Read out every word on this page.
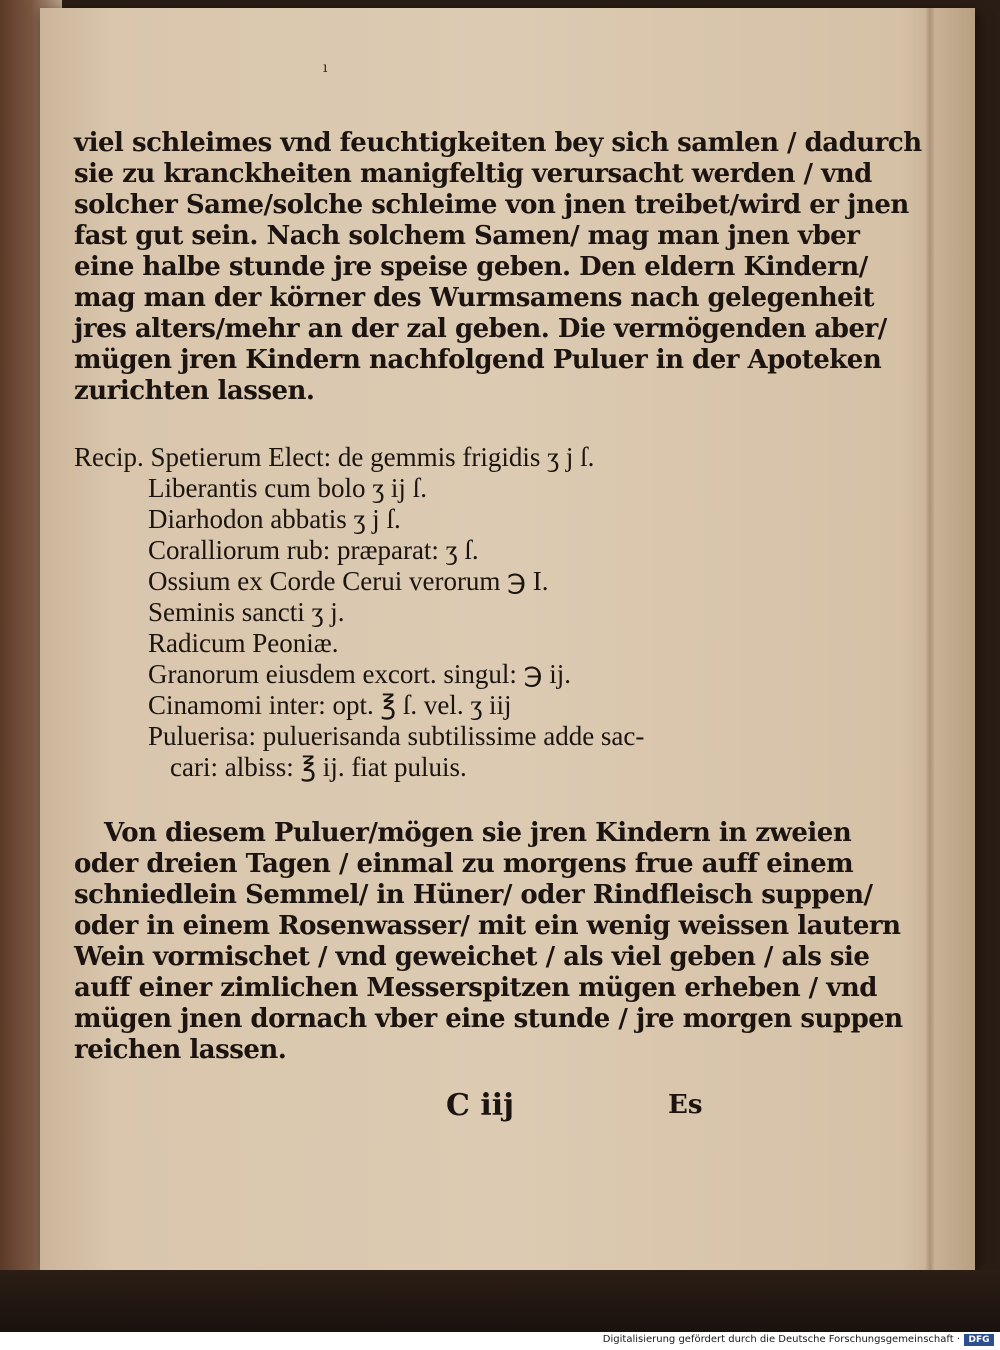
ı
viel schleimes vnd feuchtigkeiten bey sich samlen / dadurch
sie zu kranckheiten manigfeltig verursacht werden / vnd
solcher Same/solche schleime von jnen treibet/wird er jnen
fast gut sein. Nach solchem Samen/ mag man jnen vber
eine halbe stunde jre speise geben. Den eldern Kindern/
mag man der körner des Wurmsamens nach gelegenheit
jres alters/mehr an der zal geben. Die vermögenden aber/
mügen jren Kindern nachfolgend Puluer in der Apoteken
zurichten lassen.
Recip. Spetierum Elect: de gemmis frigidis ʒ j ſ.
Liberantis cum bolo ʒ ij ſ.
Diarhodon abbatis ʒ j ſ.
Coralliorum rub: præparat: ʒ ſ.
Ossium ex Corde Cerui verorum ℈ I.
Seminis sancti ʒ j.
Radicum Peoniæ.
Granorum eiusdem excort. singul: ℈ ij.
Cinamomi inter: opt. ℥ ſ. vel. ʒ iij
Puluerisa: puluerisanda subtilissime adde sac-
cari: albiss: ℥ ij. fiat puluis.
Von diesem Puluer/mögen sie jren Kindern in zweien
oder dreien Tagen / einmal zu morgens frue auff einem
schniedlein Semmel/ in Hüner/ oder Rindfleisch suppen/
oder in einem Rosenwasser/ mit ein wenig weissen lautern
Wein vormischet / vnd geweichet / als viel geben / als sie
auff einer zimlichen Messerspitzen mügen erheben / vnd
mügen jnen dornach vber eine stunde / jre morgen suppen
reichen lassen.
C iij	Es
Digitalisierung gefördert durch die Deutsche Forschungsgemeinschaft · DFG
